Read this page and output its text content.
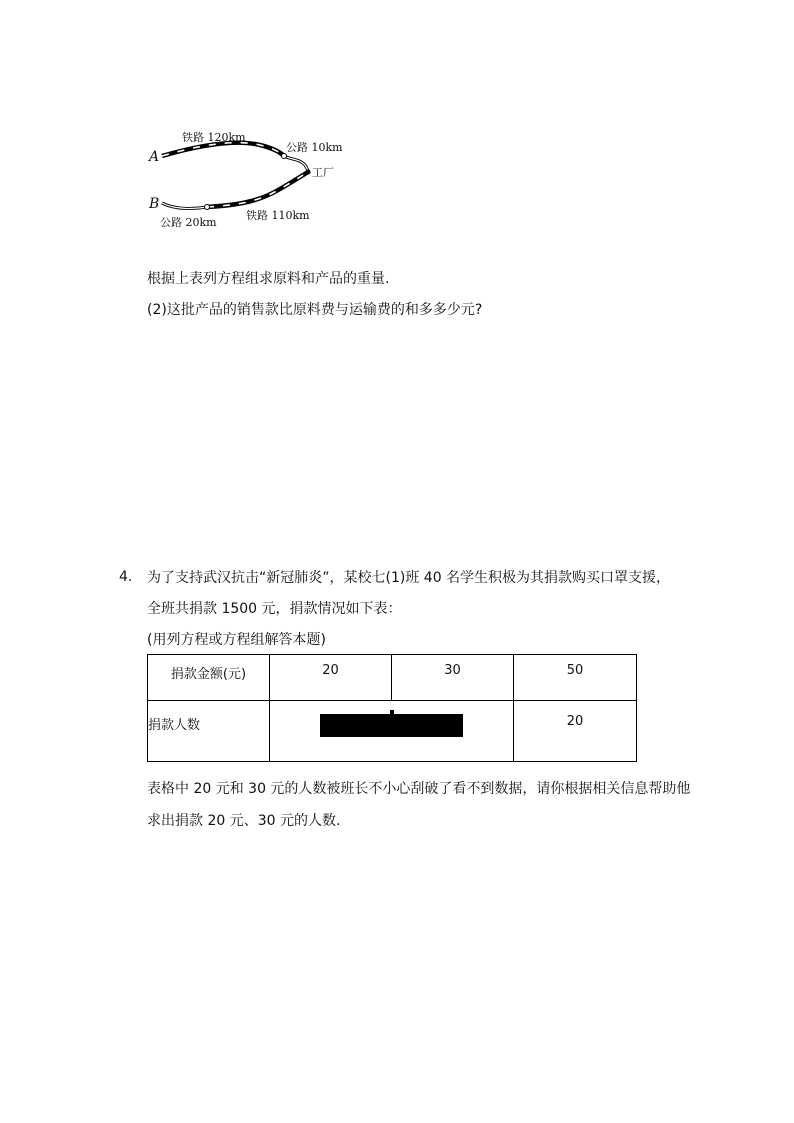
A
B
铁路 120km
公路 10km
工厂
公路 20km
铁路 110km
根据上表列方程组求原料和产品的重量.
(2)这批产品的销售款比原料费与运输费的和多多少元?
4. 为了支持武汉抗击“新冠肺炎”，某校七(1)班 40 名学生积极为其捐款购买口罩支援，
全班共捐款 1500 元，捐款情况如下表：
(用列方程或方程组解答本题)
捐款金额(元)	20	30	50
捐款人数			20
表格中 20 元和 30 元的人数被班长不小心刮破了看不到数据，请你根据相关信息帮助他
求出捐款 20 元、30 元的人数.
